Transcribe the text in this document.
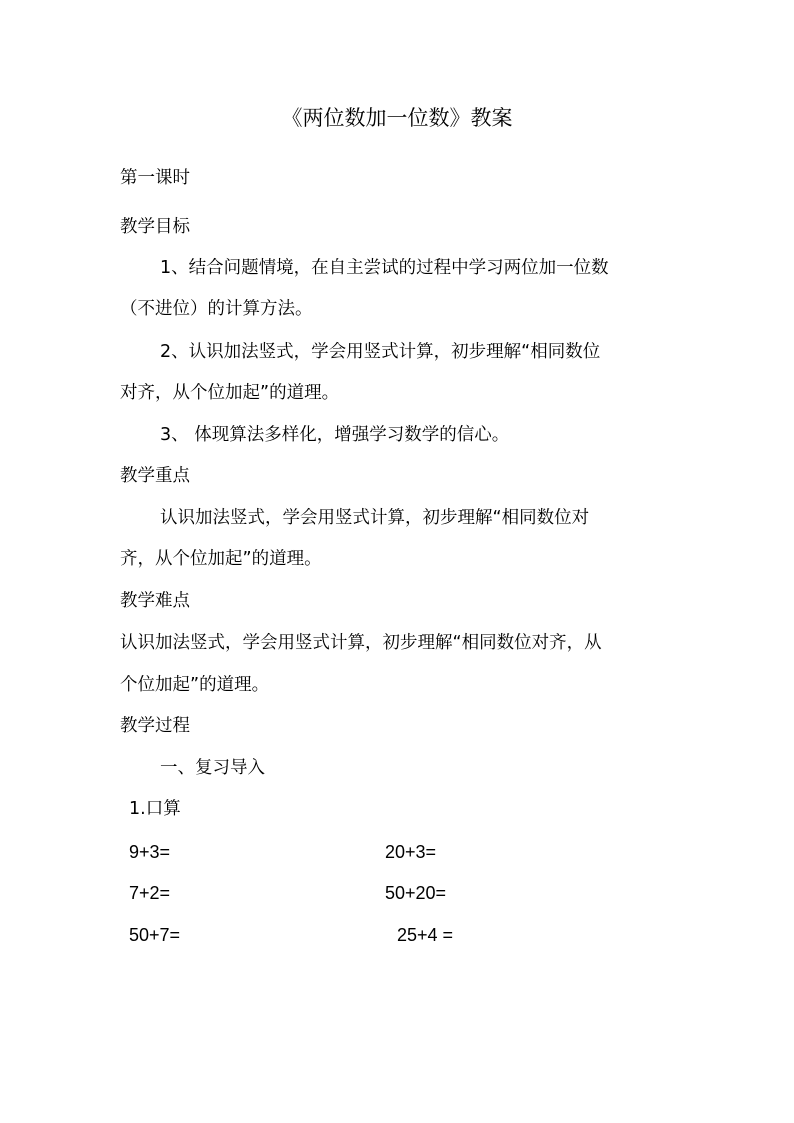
《两位数加一位数》教案

第一课时

教学目标

1、结合问题情境，在自主尝试的过程中学习两位加一位数

（不进位）的计算方法。

2、认识加法竖式，学会用竖式计算，初步理解“相同数位

对齐，从个位加起”的道理。

3、 体现算法多样化，增强学习数学的信心。

教学重点

认识加法竖式，学会用竖式计算，初步理解“相同数位对

齐，从个位加起”的道理。

教学难点

认识加法竖式，学会用竖式计算，初步理解“相同数位对齐，从

个位加起”的道理。

教学过程

一、复习导入

1.口算

9+3=	20+3=
7+2=	50+20=
50+7=	25+4 =
